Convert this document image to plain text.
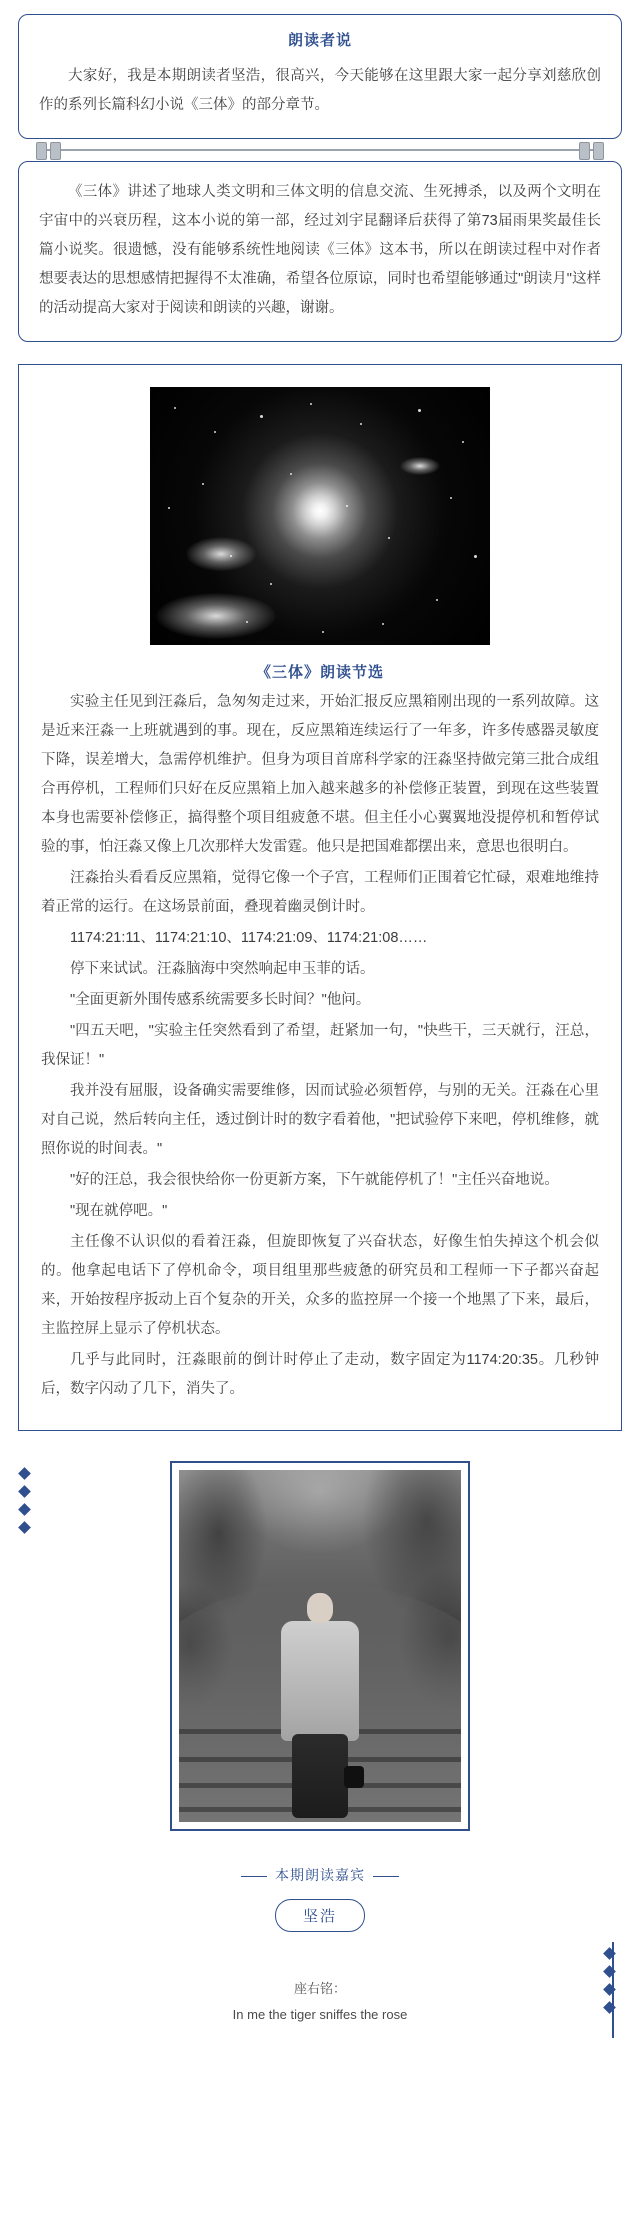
朗读者说
大家好，我是本期朗读者坚浩，很高兴，今天能够在这里跟大家一起分享刘慈欣创作的系列长篇科幻小说《三体》的部分章节。
《三体》讲述了地球人类文明和三体文明的信息交流、生死搏杀，以及两个文明在宇宙中的兴衰历程，这本小说的第一部，经过刘宇昆翻译后获得了第73届雨果奖最佳长篇小说奖。很遗憾，没有能够系统性地阅读《三体》这本书，所以在朗读过程中对作者想要表达的思想感情把握得不太准确，希望各位原谅，同时也希望能够通过"朗读月"这样的活动提高大家对于阅读和朗读的兴趣，谢谢。
《三体》朗读节选

实验主任见到汪淼后，急匆匆走过来，开始汇报反应黑箱刚出现的一系列故障。这是近来汪淼一上班就遇到的事。现在，反应黑箱连续运行了一年多，许多传感器灵敏度下降，误差增大，急需停机维护。但身为项目首席科学家的汪淼坚持做完第三批合成组合再停机，工程师们只好在反应黑箱上加入越来越多的补偿修正装置，到现在这些装置本身也需要补偿修正，搞得整个项目组疲惫不堪。但主任小心翼翼地没提停机和暂停试验的事，怕汪淼又像上几次那样大发雷霆。他只是把国难都摆出来，意思也很明白。

汪淼抬头看看反应黑箱，觉得它像一个子宫，工程师们正围着它忙碌，艰难地维持着正常的运行。在这场景前面，叠现着幽灵倒计时。

1174:21:11、1174:21:10、1174:21:09、1174:21:08……

停下来试试。汪淼脑海中突然响起申玉菲的话。

"全面更新外围传感系统需要多长时间？"他问。

"四五天吧，"实验主任突然看到了希望，赶紧加一句，"快些干，三天就行，汪总，我保证！"

我并没有屈服，设备确实需要维修，因而试验必须暂停，与别的无关。汪淼在心里对自己说，然后转向主任，透过倒计时的数字看着他，"把试验停下来吧，停机维修，就照你说的时间表。"

"好的汪总，我会很快给你一份更新方案，下午就能停机了！"主任兴奋地说。

"现在就停吧。"

主任像不认识似的看着汪淼，但旋即恢复了兴奋状态，好像生怕失掉这个机会似的。他拿起电话下了停机命令，项目组里那些疲惫的研究员和工程师一下子都兴奋起来，开始按程序扳动上百个复杂的开关，众多的监控屏一个接一个地黑了下来，最后，主监控屏上显示了停机状态。

几乎与此同时，汪淼眼前的倒计时停止了走动，数字固定为1174:20:35。几秒钟后，数字闪动了几下，消失了。

本期朗读嘉宾
坚浩
座右铭：
In me the tiger sniffes the rose
